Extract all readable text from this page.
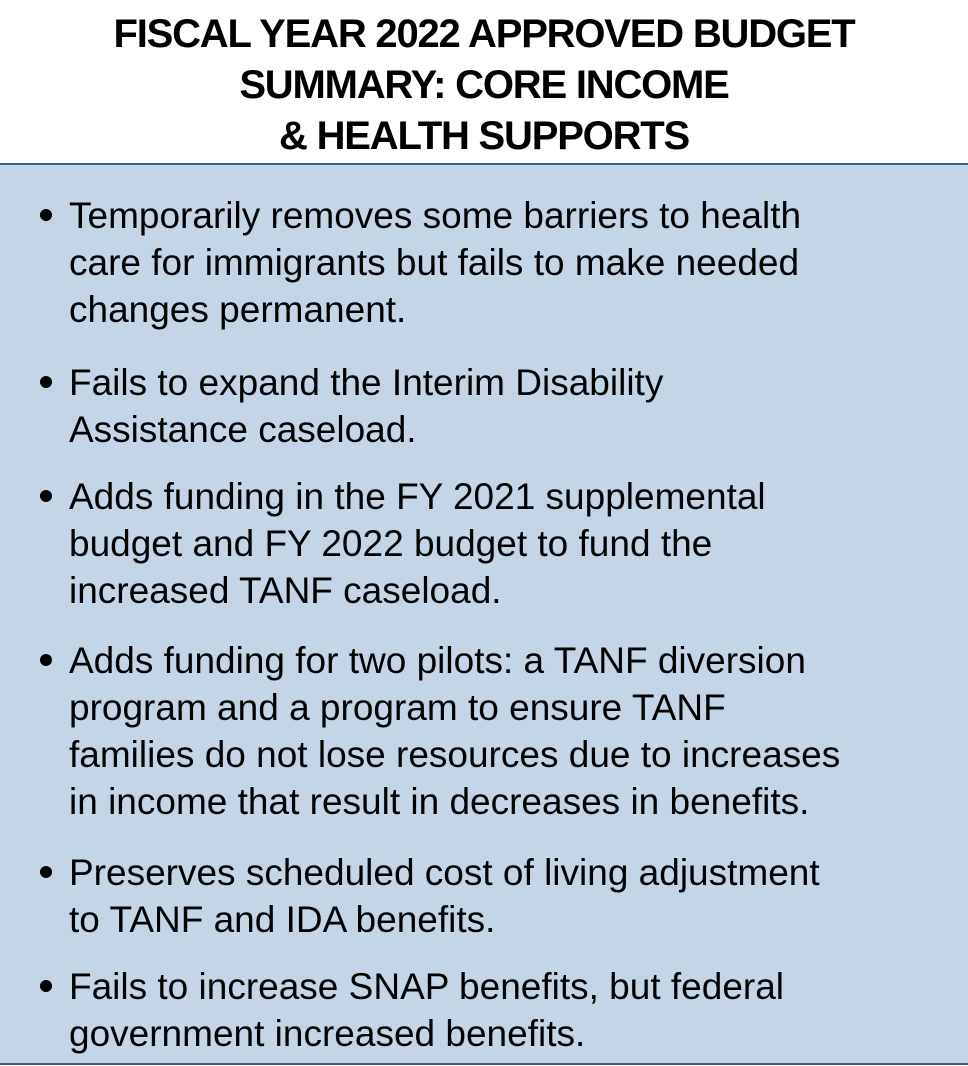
FISCAL YEAR 2022 APPROVED BUDGET
SUMMARY: CORE INCOME
& HEALTH SUPPORTS
Temporarily removes some barriers to health
care for immigrants but fails to make needed
changes permanent.
Fails to expand the Interim Disability
Assistance caseload.
Adds funding in the FY 2021 supplemental
budget and FY 2022 budget to fund the
increased TANF caseload.
Adds funding for two pilots: a TANF diversion
program and a program to ensure TANF
families do not lose resources due to increases
in income that result in decreases in benefits.
Preserves scheduled cost of living adjustment
to TANF and IDA benefits.
Fails to increase SNAP benefits, but federal
government increased benefits.
